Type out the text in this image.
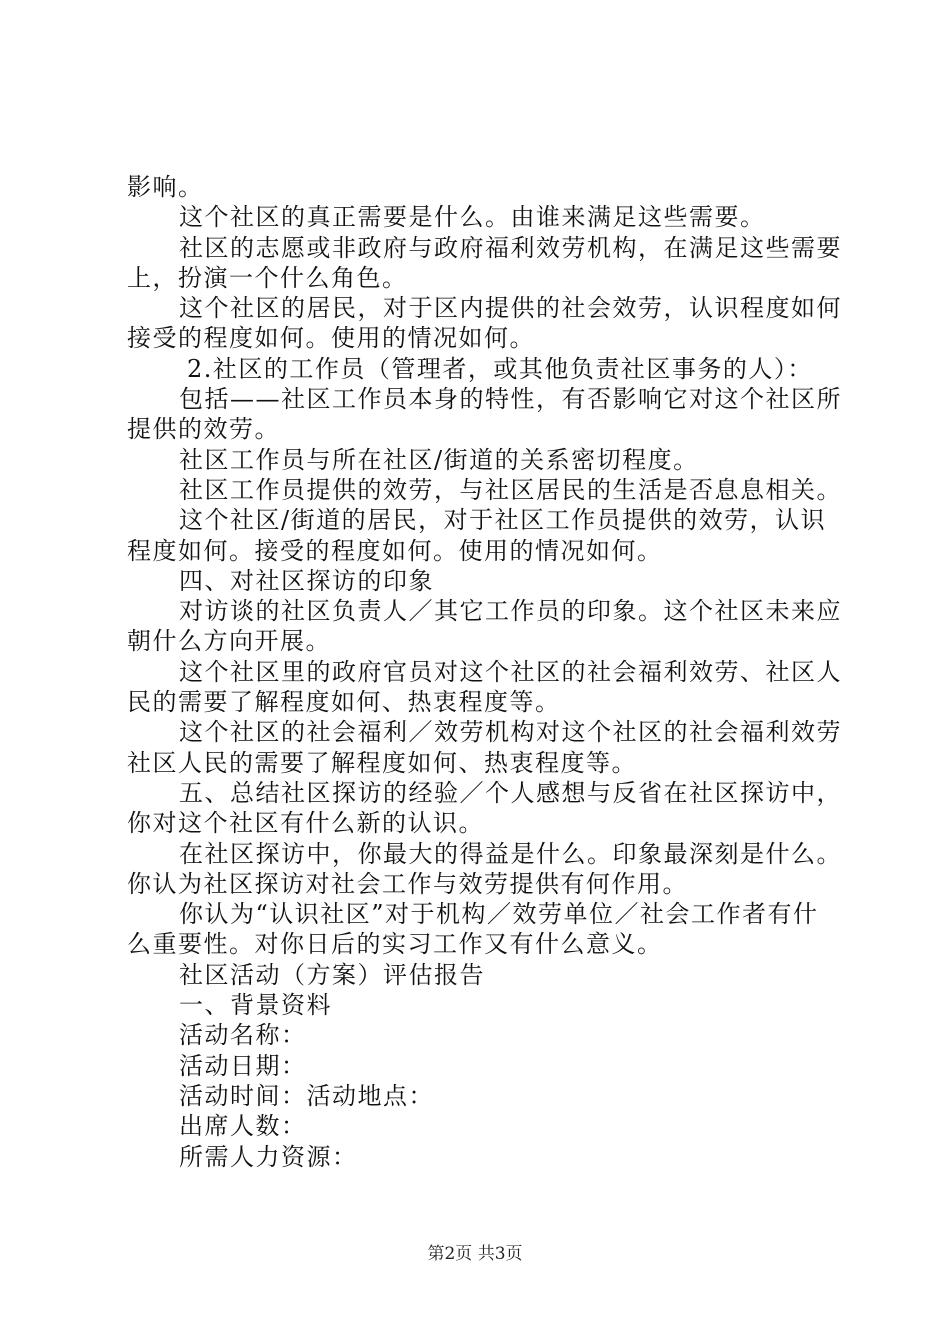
影响。
这个社区的真正需要是什么。由谁来满足这些需要。
社区的志愿或非政府与政府福利效劳机构，在满足这些需要
上，扮演一个什么角色。
这个社区的居民，对于区内提供的社会效劳，认识程度如何
接受的程度如何。使用的情况如何。
2.社区的工作员（管理者，或其他负责社区事务的人）：
包括——社区工作员本身的特性，有否影响它对这个社区所
提供的效劳。
社区工作员与所在社区/街道的关系密切程度。
社区工作员提供的效劳，与社区居民的生活是否息息相关。
这个社区/街道的居民，对于社区工作员提供的效劳，认识
程度如何。接受的程度如何。使用的情况如何。
四、对社区探访的印象
对访谈的社区负责人／其它工作员的印象。这个社区未来应
朝什么方向开展。
这个社区里的政府官员对这个社区的社会福利效劳、社区人
民的需要了解程度如何、热衷程度等。
这个社区的社会福利／效劳机构对这个社区的社会福利效劳
社区人民的需要了解程度如何、热衷程度等。
五、总结社区探访的经验／个人感想与反省在社区探访中，
你对这个社区有什么新的认识。
在社区探访中，你最大的得益是什么。印象最深刻是什么。
你认为社区探访对社会工作与效劳提供有何作用。
你认为“认识社区”对于机构／效劳单位／社会工作者有什
么重要性。对你日后的实习工作又有什么意义。
社区活动（方案）评估报告
一、背景资料
活动名称：
活动日期：
活动时间：活动地点：
出席人数：
所需人力资源：
第2页 共3页
